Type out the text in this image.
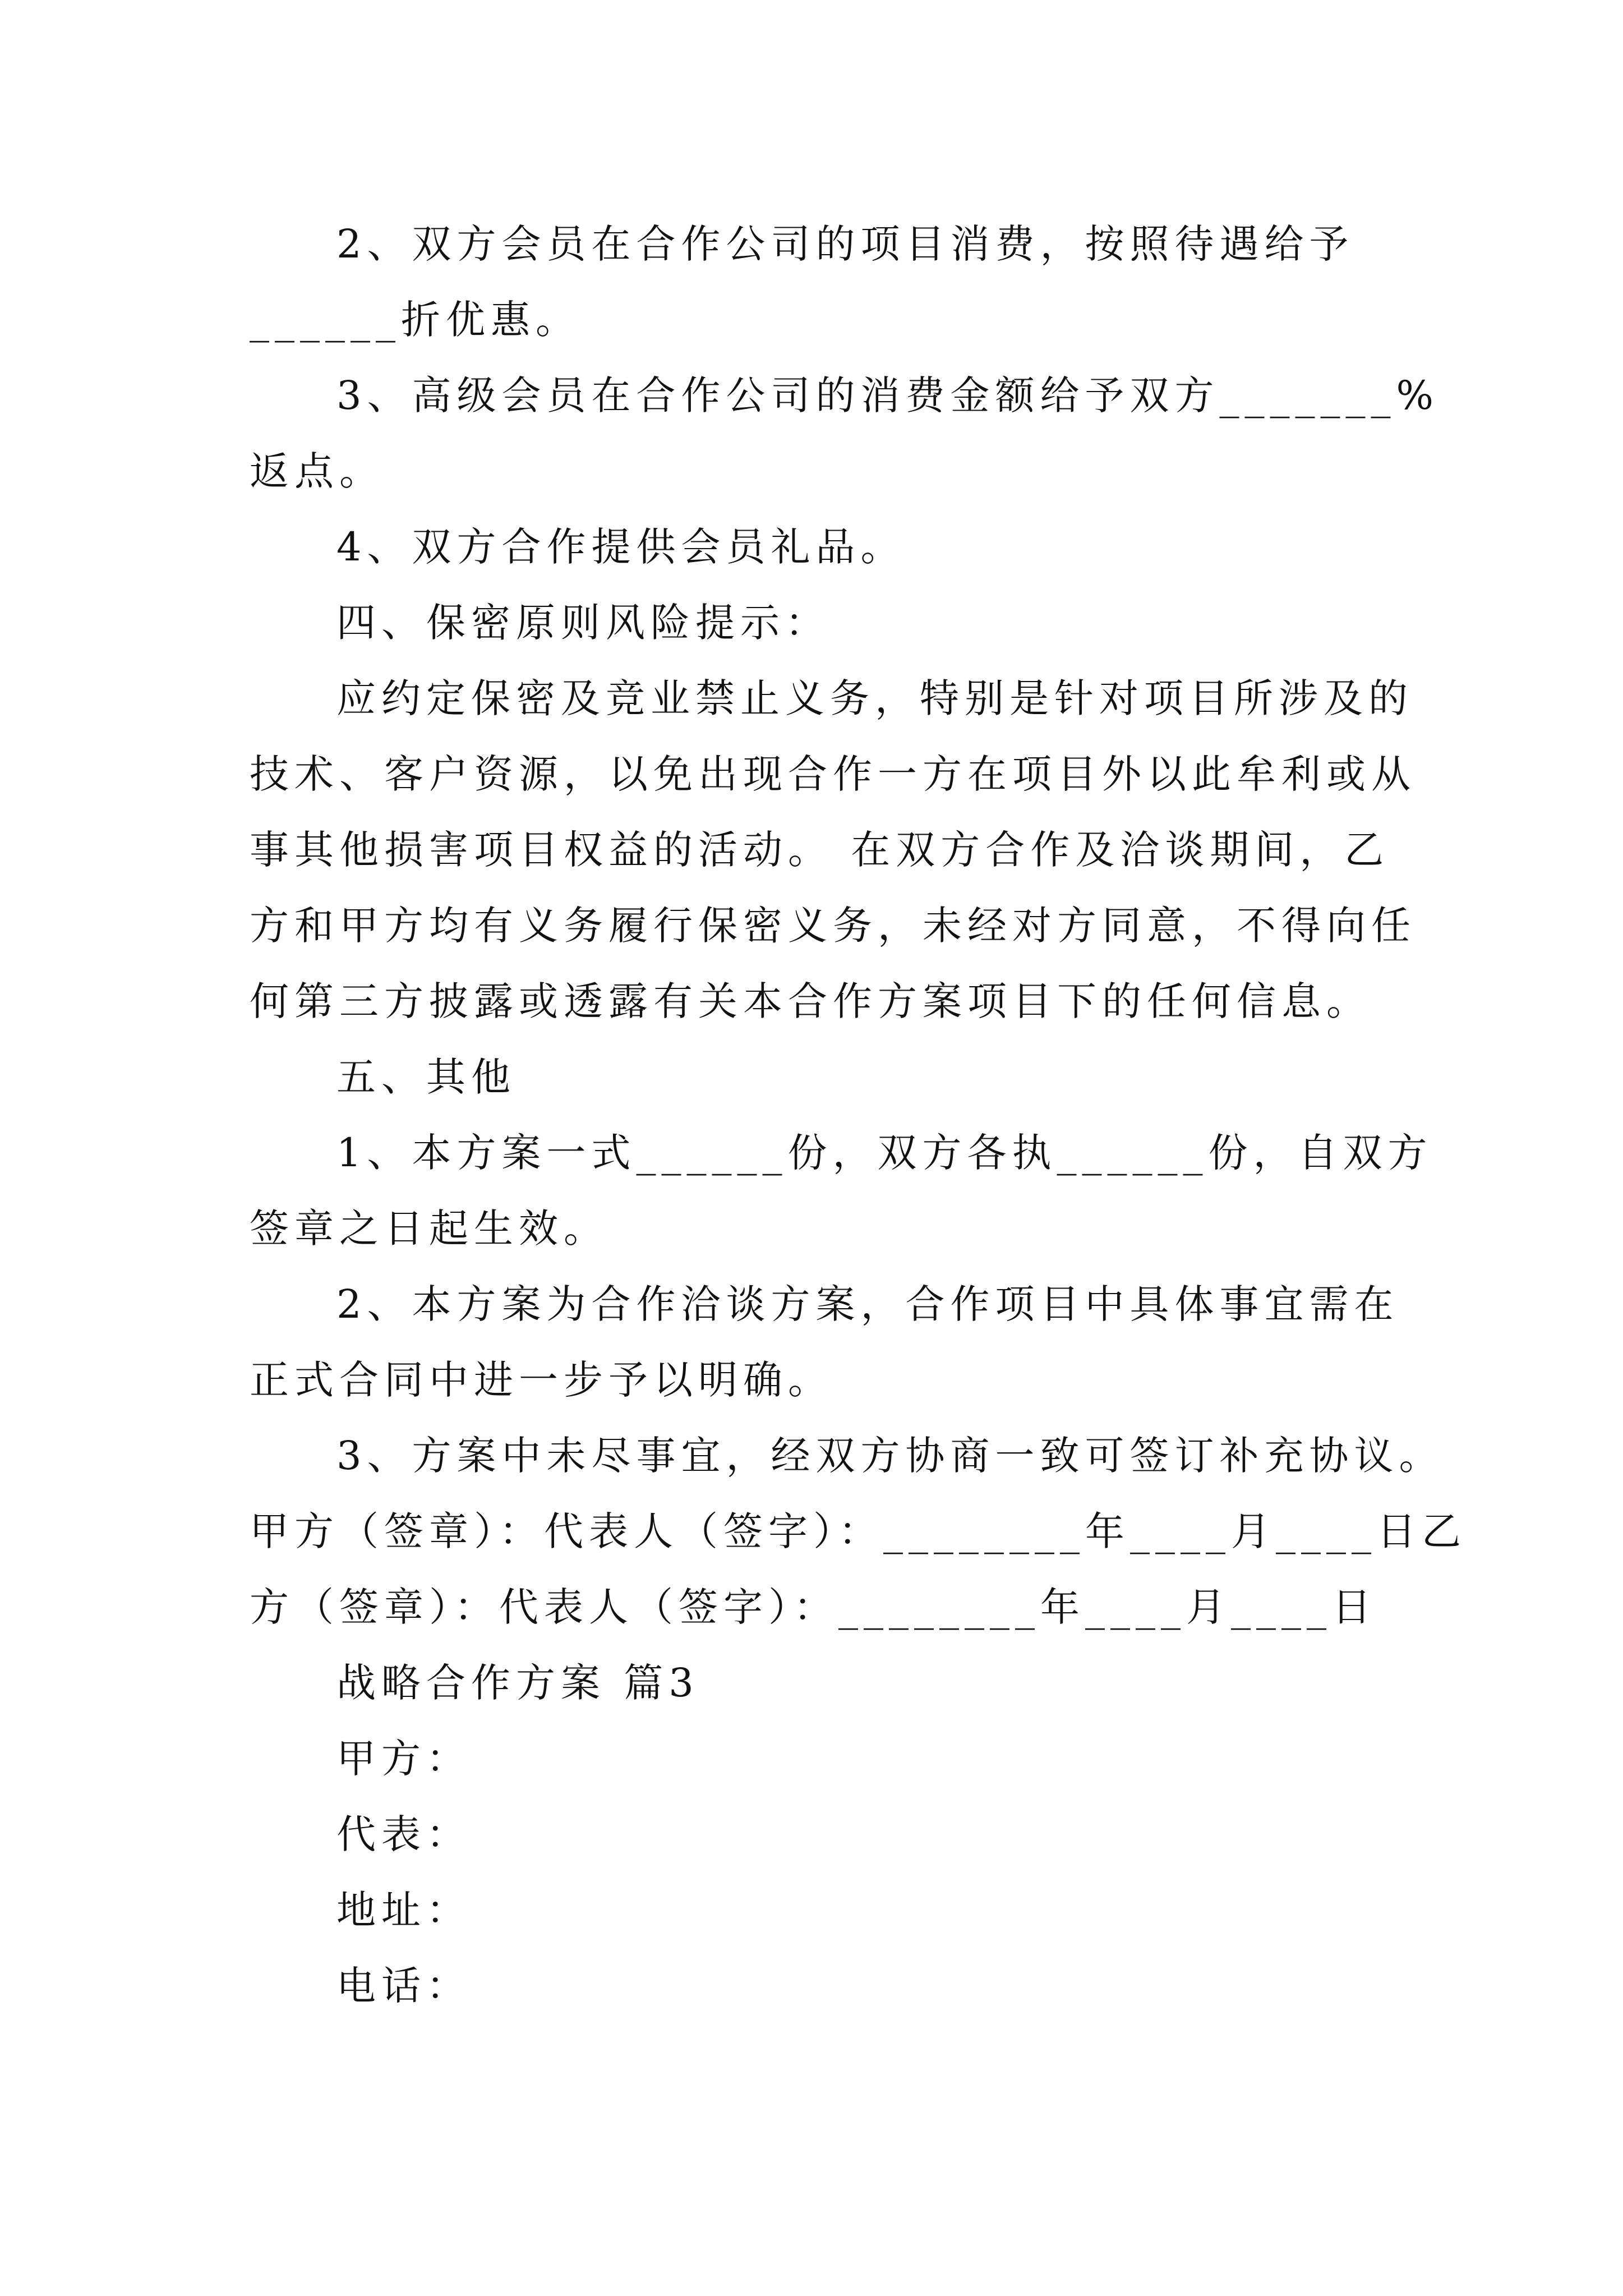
2、双方会员在合作公司的项目消费，按照待遇给予
______折优惠。
3、高级会员在合作公司的消费金额给予双方_______%
返点。
4、双方合作提供会员礼品。
四、保密原则风险提示：
应约定保密及竞业禁止义务，特别是针对项目所涉及的
技术、客户资源，以免出现合作一方在项目外以此牟利或从
事其他损害项目权益的活动。 在双方合作及洽谈期间，乙
方和甲方均有义务履行保密义务，未经对方同意，不得向任
何第三方披露或透露有关本合作方案项目下的任何信息。
五、其他
1、本方案一式______份，双方各执______份，自双方
签章之日起生效。
2、本方案为合作洽谈方案，合作项目中具体事宜需在
正式合同中进一步予以明确。
3、方案中未尽事宜，经双方协商一致可签订补充协议。
甲方（签章）：代表人（签字）：________年____月____日乙
方（签章）：代表人（签字）：________年____月____日
战略合作方案 篇3
甲方：
代表：
地址：
电话：
